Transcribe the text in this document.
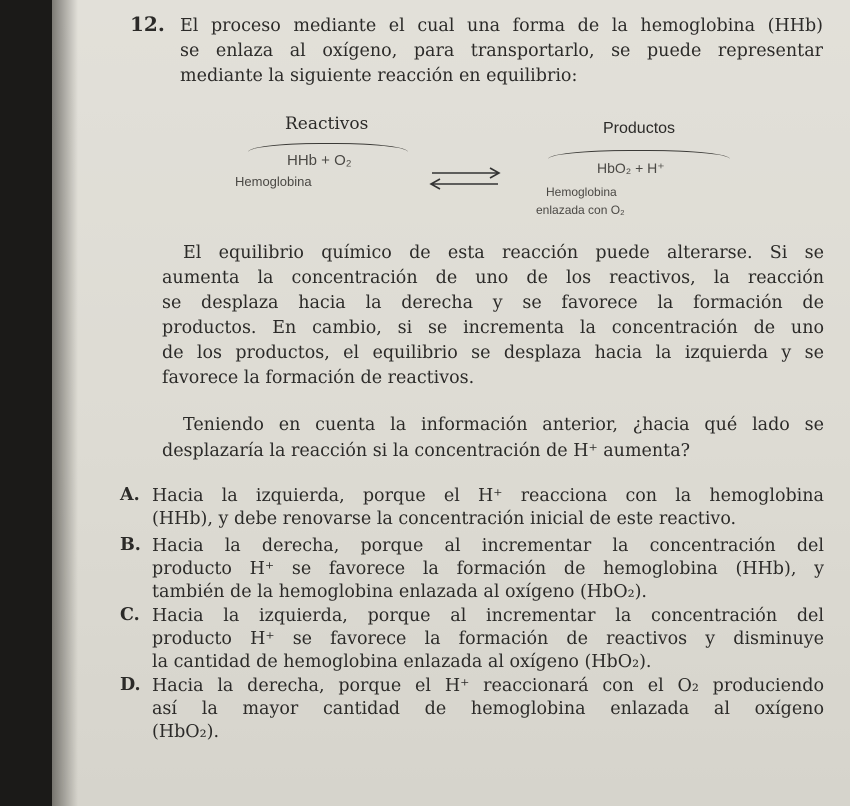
12. El proceso mediante el cual una forma de la hemoglobina (HHb)
se enlaza al oxígeno, para transportarlo, se puede representar
mediante la siguiente reacción en equilibrio:
Reactivos
HHb + O₂
Hemoglobina
Productos
HbO₂ + H⁺
Hemoglobina
enlazada con O₂
El equilibrio químico de esta reacción puede alterarse. Si se
aumenta la concentración de uno de los reactivos, la reacción
se desplaza hacia la derecha y se favorece la formación de
productos. En cambio, si se incrementa la concentración de uno
de los productos, el equilibrio se desplaza hacia la izquierda y se
favorece la formación de reactivos.
Teniendo en cuenta la información anterior, ¿hacia qué lado se
desplazaría la reacción si la concentración de H⁺ aumenta?
A. Hacia la izquierda, porque el H⁺ reacciona con la hemoglobina
(HHb), y debe renovarse la concentración inicial de este reactivo.
B. Hacia la derecha, porque al incrementar la concentración del
producto H⁺ se favorece la formación de hemoglobina (HHb), y
también de la hemoglobina enlazada al oxígeno (HbO₂).
C. Hacia la izquierda, porque al incrementar la concentración del
producto H⁺ se favorece la formación de reactivos y disminuye
la cantidad de hemoglobina enlazada al oxígeno (HbO₂).
D. Hacia la derecha, porque el H⁺ reaccionará con el O₂ produciendo
así la mayor cantidad de hemoglobina enlazada al oxígeno
(HbO₂).
